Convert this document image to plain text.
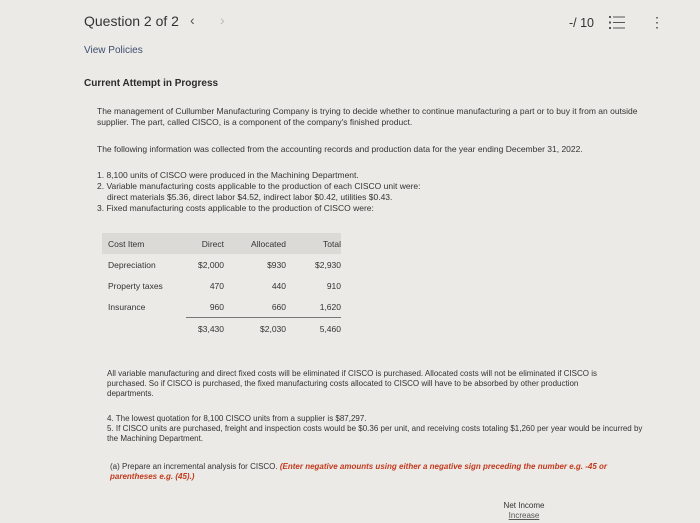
Question 2 of 2 ‹ ›	-/ 10	⋮
View Policies
Current Attempt in Progress
The management of Cullumber Manufacturing Company is trying to decide whether to continue manufacturing a part or to buy it from an outside supplier. The part, called CISCO, is a component of the company's finished product.
The following information was collected from the accounting records and production data for the year ending December 31, 2022.
1. 8,100 units of CISCO were produced in the Machining Department.
2. Variable manufacturing costs applicable to the production of each CISCO unit were:
direct materials $5.36, direct labor $4.52, indirect labor $0.42, utilities $0.43.
3. Fixed manufacturing costs applicable to the production of CISCO were:
Cost Item	Direct	Allocated	Total
Depreciation	$2,000	$930	$2,930
Property taxes	470	440	910
Insurance	960	660	1,620
	$3,430	$2,030	5,460
All variable manufacturing and direct fixed costs will be eliminated if CISCO is purchased. Allocated costs will not be eliminated if CISCO is purchased. So if CISCO is purchased, the fixed manufacturing costs allocated to CISCO will have to be absorbed by other production departments.
4. The lowest quotation for 8,100 CISCO units from a supplier is $87,297.
5. If CISCO units are purchased, freight and inspection costs would be $0.36 per unit, and receiving costs totaling $1,260 per year would be incurred by the Machining Department.
(a) Prepare an incremental analysis for CISCO. (Enter negative amounts using either a negative sign preceding the number e.g. -45 or parentheses e.g. (45).)
Net Income
Increase
